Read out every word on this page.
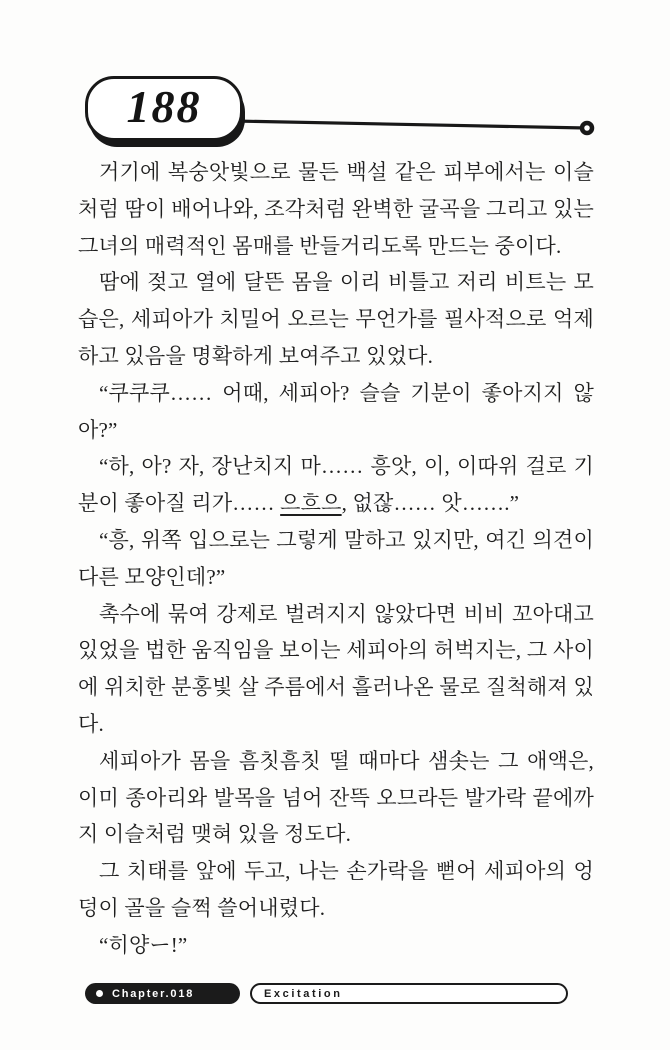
188

거기에 복숭앗빛으로 물든 백설 같은 피부에서는 이슬처럼 땀이 배어나와, 조각처럼 완벽한 굴곡을 그리고 있는 그녀의 매력적인 몸매를 반들거리도록 만드는 중이다.

땀에 젖고 열에 달뜬 몸을 이리 비틀고 저리 비트는 모습은, 세피아가 치밀어 오르는 무언가를 필사적으로 억제하고 있음을 명확하게 보여주고 있었다.

“쿠쿠쿠…… 어때, 세피아? 슬슬 기분이 좋아지지 않아?”

“하, 아? 자, 장난치지 마…… 흥앗, 이, 이따위 걸로 기분이 좋아질 리가…… 으흐으, 없잖…… 앗…….”

“흥, 위쪽 입으로는 그렇게 말하고 있지만, 여긴 의견이 다른 모양인데?”

촉수에 묶여 강제로 벌려지지 않았다면 비비 꼬아대고 있었을 법한 움직임을 보이는 세피아의 허벅지는, 그 사이에 위치한 분홍빛 살 주름에서 흘러나온 물로 질척해져 있다.

세피아가 몸을 흠칫흠칫 떨 때마다 샘솟는 그 애액은, 이미 종아리와 발목을 넘어 잔뜩 오므라든 발가락 끝에까지 이슬처럼 맺혀 있을 정도다.

그 치태를 앞에 두고, 나는 손가락을 뻗어 세피아의 엉덩이 골을 슬쩍 쓸어내렸다.

“히양ー!”

Chapter.018	Excitation
